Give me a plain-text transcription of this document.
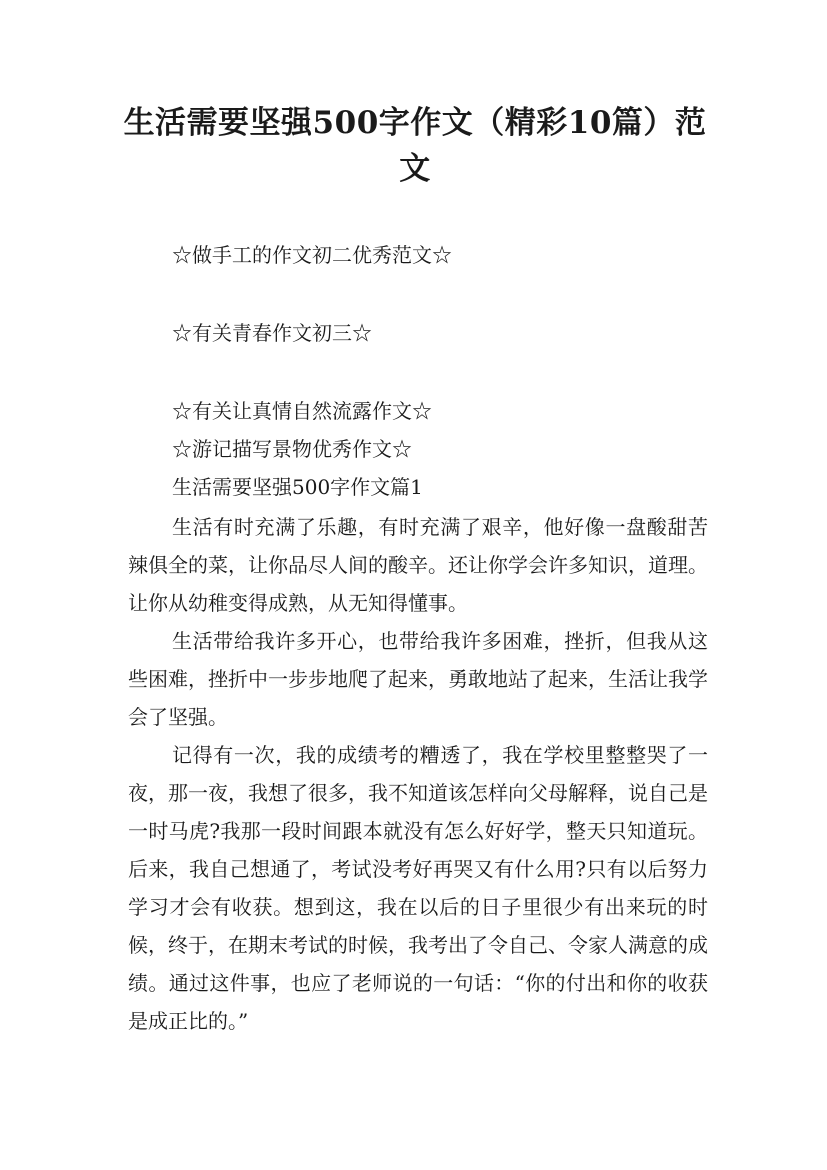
生活需要坚强500字作文（精彩10篇）范文
☆做手工的作文初二优秀范文☆
☆有关青春作文初三☆
☆有关让真情自然流露作文☆
☆游记描写景物优秀作文☆
生活需要坚强500字作文篇1

生活有时充满了乐趣，有时充满了艰辛，他好像一盘酸甜苦辣俱全的菜，让你品尽人间的酸辛。还让你学会许多知识，道理。让你从幼稚变得成熟，从无知得懂事。

生活带给我许多开心，也带给我许多困难，挫折，但我从这些困难，挫折中一步步地爬了起来，勇敢地站了起来，生活让我学会了坚强。

记得有一次，我的成绩考的糟透了，我在学校里整整哭了一夜，那一夜，我想了很多，我不知道该怎样向父母解释，说自己是一时马虎?我那一段时间跟本就没有怎么好好学，整天只知道玩。后来，我自己想通了，考试没考好再哭又有什么用?只有以后努力学习才会有收获。想到这，我在以后的日子里很少有出来玩的时候，终于，在期末考试的时候，我考出了令自己、令家人满意的成绩。通过这件事，也应了老师说的一句话：“你的付出和你的收获是成正比的。”
